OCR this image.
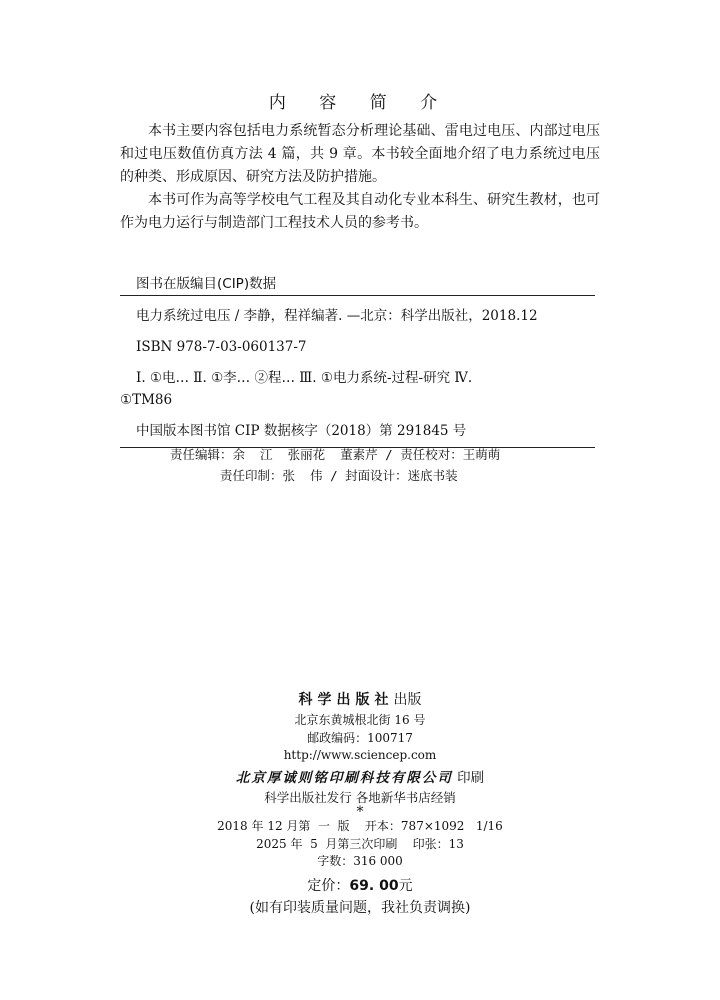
内 容 简 介

本书主要内容包括电力系统暂态分析理论基础、雷电过电压、内部过电压和过电压数值仿真方法 4 篇，共 9 章。本书较全面地介绍了电力系统过电压的种类、形成原因、研究方法及防护措施。

本书可作为高等学校电气工程及其自动化专业本科生、研究生教材，也可作为电力运行与制造部门工程技术人员的参考书。

图书在版编目(CIP)数据
电力系统过电压 / 李静，程祥编著. —北京：科学出版社，2018.12
ISBN 978-7-03-060137-7
Ⅰ. ①电… Ⅱ. ①李… ②程… Ⅲ. ①电力系统-过程-研究 Ⅳ.
①TM86
中国版本图书馆 CIP 数据核字（2018）第 291845 号
责任编辑：余  江  张丽花  董素芹 / 责任校对：王萌萌
责任印制：张  伟 / 封面设计：迷底书装
科学出版社出版
北京东黄城根北街 16 号
邮政编码：100717
http://www.sciencep.com
北京厚诚则铭印刷科技有限公司 印刷
科学出版社发行 各地新华书店经销
*
2018 年 12 月第  一  版    开本：787×1092   1/16
2025 年  5  月第三次印刷    印张：13
字数：316 000
定价：69. 00元
(如有印装质量问题，我社负责调换)
